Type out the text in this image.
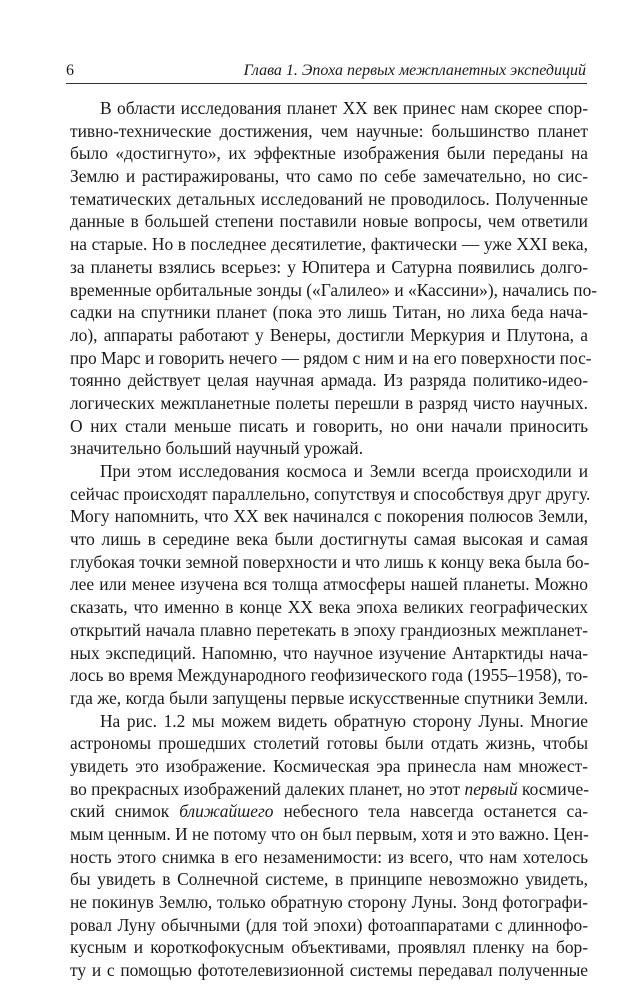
6	Глава 1. Эпоха первых межпланетных экспедиций
В области исследования планет XX век принес нам скорее спор-
тивно-технические достижения, чем научные: большинство планет
было «достигнуто», их эффектные изображения были переданы на
Землю и растиражированы, что само по себе замечательно, но сис-
тематических детальных исследований не проводилось. Полученные
данные в большей степени поставили новые вопросы, чем ответили
на старые. Но в последнее десятилетие, фактически — уже XXI века,
за планеты взялись всерьез: у Юпитера и Сатурна появились долго-
временные орбитальные зонды («Галилео» и «Кассини»), начались по-
садки на спутники планет (пока это лишь Титан, но лиха беда нача-
ло), аппараты работают у Венеры, достигли Меркурия и Плутона, а
про Марс и говорить нечего — рядом с ним и на его поверхности пос-
тоянно действует целая научная армада. Из разряда политико-идео-
логических межпланетные полеты перешли в разряд чисто научных.
О них стали меньше писать и говорить, но они начали приносить
значительно больший научный урожай.
При этом исследования космоса и Земли всегда происходили и
сейчас происходят параллельно, сопутствуя и способствуя друг другу.
Могу напомнить, что XX век начинался с покорения полюсов Земли,
что лишь в середине века были достигнуты самая высокая и самая
глубокая точки земной поверхности и что лишь к концу века была бо-
лее или менее изучена вся толща атмосферы нашей планеты. Можно
сказать, что именно в конце XX века эпоха великих географических
открытий начала плавно перетекать в эпоху грандиозных межпланет-
ных экспедиций. Напомню, что научное изучение Антарктиды нача-
лось во время Международного геофизического года (1955–1958), то-
гда же, когда были запущены первые искусственные спутники Земли.
На рис. 1.2 мы можем видеть обратную сторону Луны. Многие
астрономы прошедших столетий готовы были отдать жизнь, чтобы
увидеть это изображение. Космическая эра принесла нам множест-
во прекрасных изображений далеких планет, но этот первый космиче-
ский снимок ближайшего небесного тела навсегда останется са-
мым ценным. И не потому что он был первым, хотя и это важно. Цен-
ность этого снимка в его незаменимости: из всего, что нам хотелось
бы увидеть в Солнечной системе, в принципе невозможно увидеть,
не покинув Землю, только обратную сторону Луны. Зонд фотографи-
ровал Луну обычными (для той эпохи) фотоаппаратами с длиннофо-
кусным и короткофокусным объективами, проявлял пленку на бор-
ту и с помощью фототелевизионной системы передавал полученные
